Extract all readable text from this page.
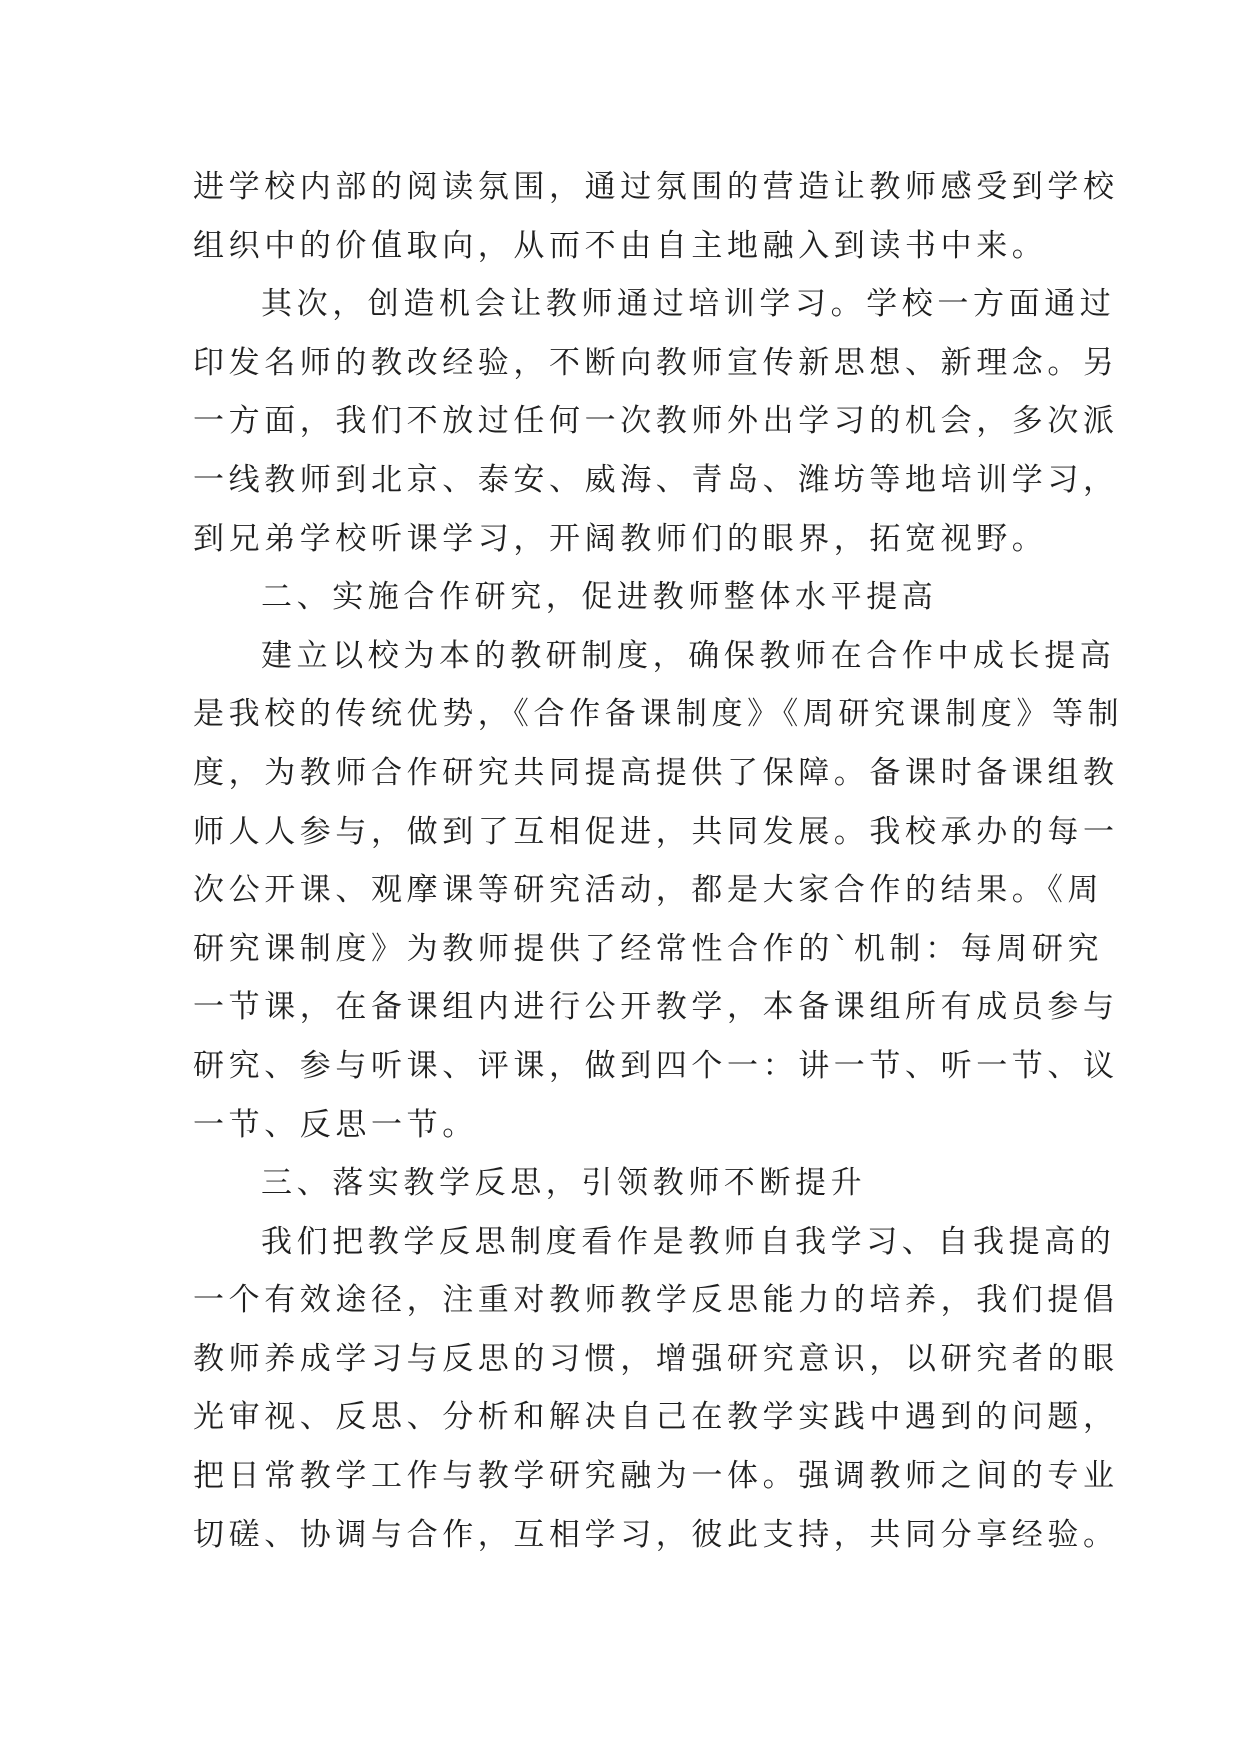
进学校内部的阅读氛围，通过氛围的营造让教师感受到学校
组织中的价值取向，从而不由自主地融入到读书中来。
其次，创造机会让教师通过培训学习。学校一方面通过
印发名师的教改经验，不断向教师宣传新思想、新理念。另
一方面，我们不放过任何一次教师外出学习的机会，多次派
一线教师到北京、泰安、威海、青岛、潍坊等地培训学习，
到兄弟学校听课学习，开阔教师们的眼界，拓宽视野。
二、实施合作研究，促进教师整体水平提高
建立以校为本的教研制度，确保教师在合作中成长提高
是我校的传统优势，《合作备课制度》《周研究课制度》等制
度，为教师合作研究共同提高提供了保障。备课时备课组教
师人人参与，做到了互相促进，共同发展。我校承办的每一
次公开课、观摩课等研究活动，都是大家合作的结果。《周
研究课制度》为教师提供了经常性合作的`机制：每周研究
一节课，在备课组内进行公开教学，本备课组所有成员参与
研究、参与听课、评课，做到四个一：讲一节、听一节、议
一节、反思一节。
三、落实教学反思，引领教师不断提升
我们把教学反思制度看作是教师自我学习、自我提高的
一个有效途径，注重对教师教学反思能力的培养，我们提倡
教师养成学习与反思的习惯，增强研究意识，以研究者的眼
光审视、反思、分析和解决自己在教学实践中遇到的问题，
把日常教学工作与教学研究融为一体。强调教师之间的专业
切磋、协调与合作，互相学习，彼此支持，共同分享经验。
